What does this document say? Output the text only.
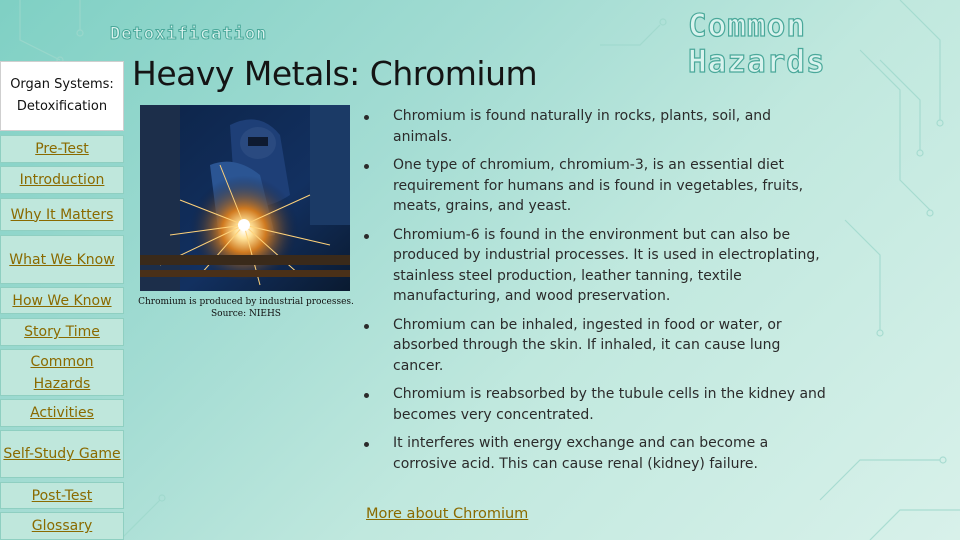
Detoxification	Common Hazards
Heavy Metals: Chromium
Organ Systems: Detoxification
Pre-Test
Introduction
Why It Matters
What We Know
How We Know
Story Time
Common Hazards
Activities
Self-Study Game
Post-Test
Glossary
Chromium is produced by industrial processes. Source: NIEHS
Chromium is found naturally in rocks, plants, soil, and animals.
One type of chromium, chromium-3, is an essential diet requirement for humans and is found in vegetables, fruits, meats, grains, and yeast.
Chromium-6 is found in the environment but can also be produced by industrial processes. It is used in electroplating, stainless steel production, leather tanning, textile manufacturing, and wood preservation.
Chromium can be inhaled, ingested in food or water, or absorbed through the skin. If inhaled, it can cause lung cancer.
Chromium is reabsorbed by the tubule cells in the kidney and becomes very concentrated.
It interferes with energy exchange and can become a corrosive acid. This can cause renal (kidney) failure.
More about Chromium
